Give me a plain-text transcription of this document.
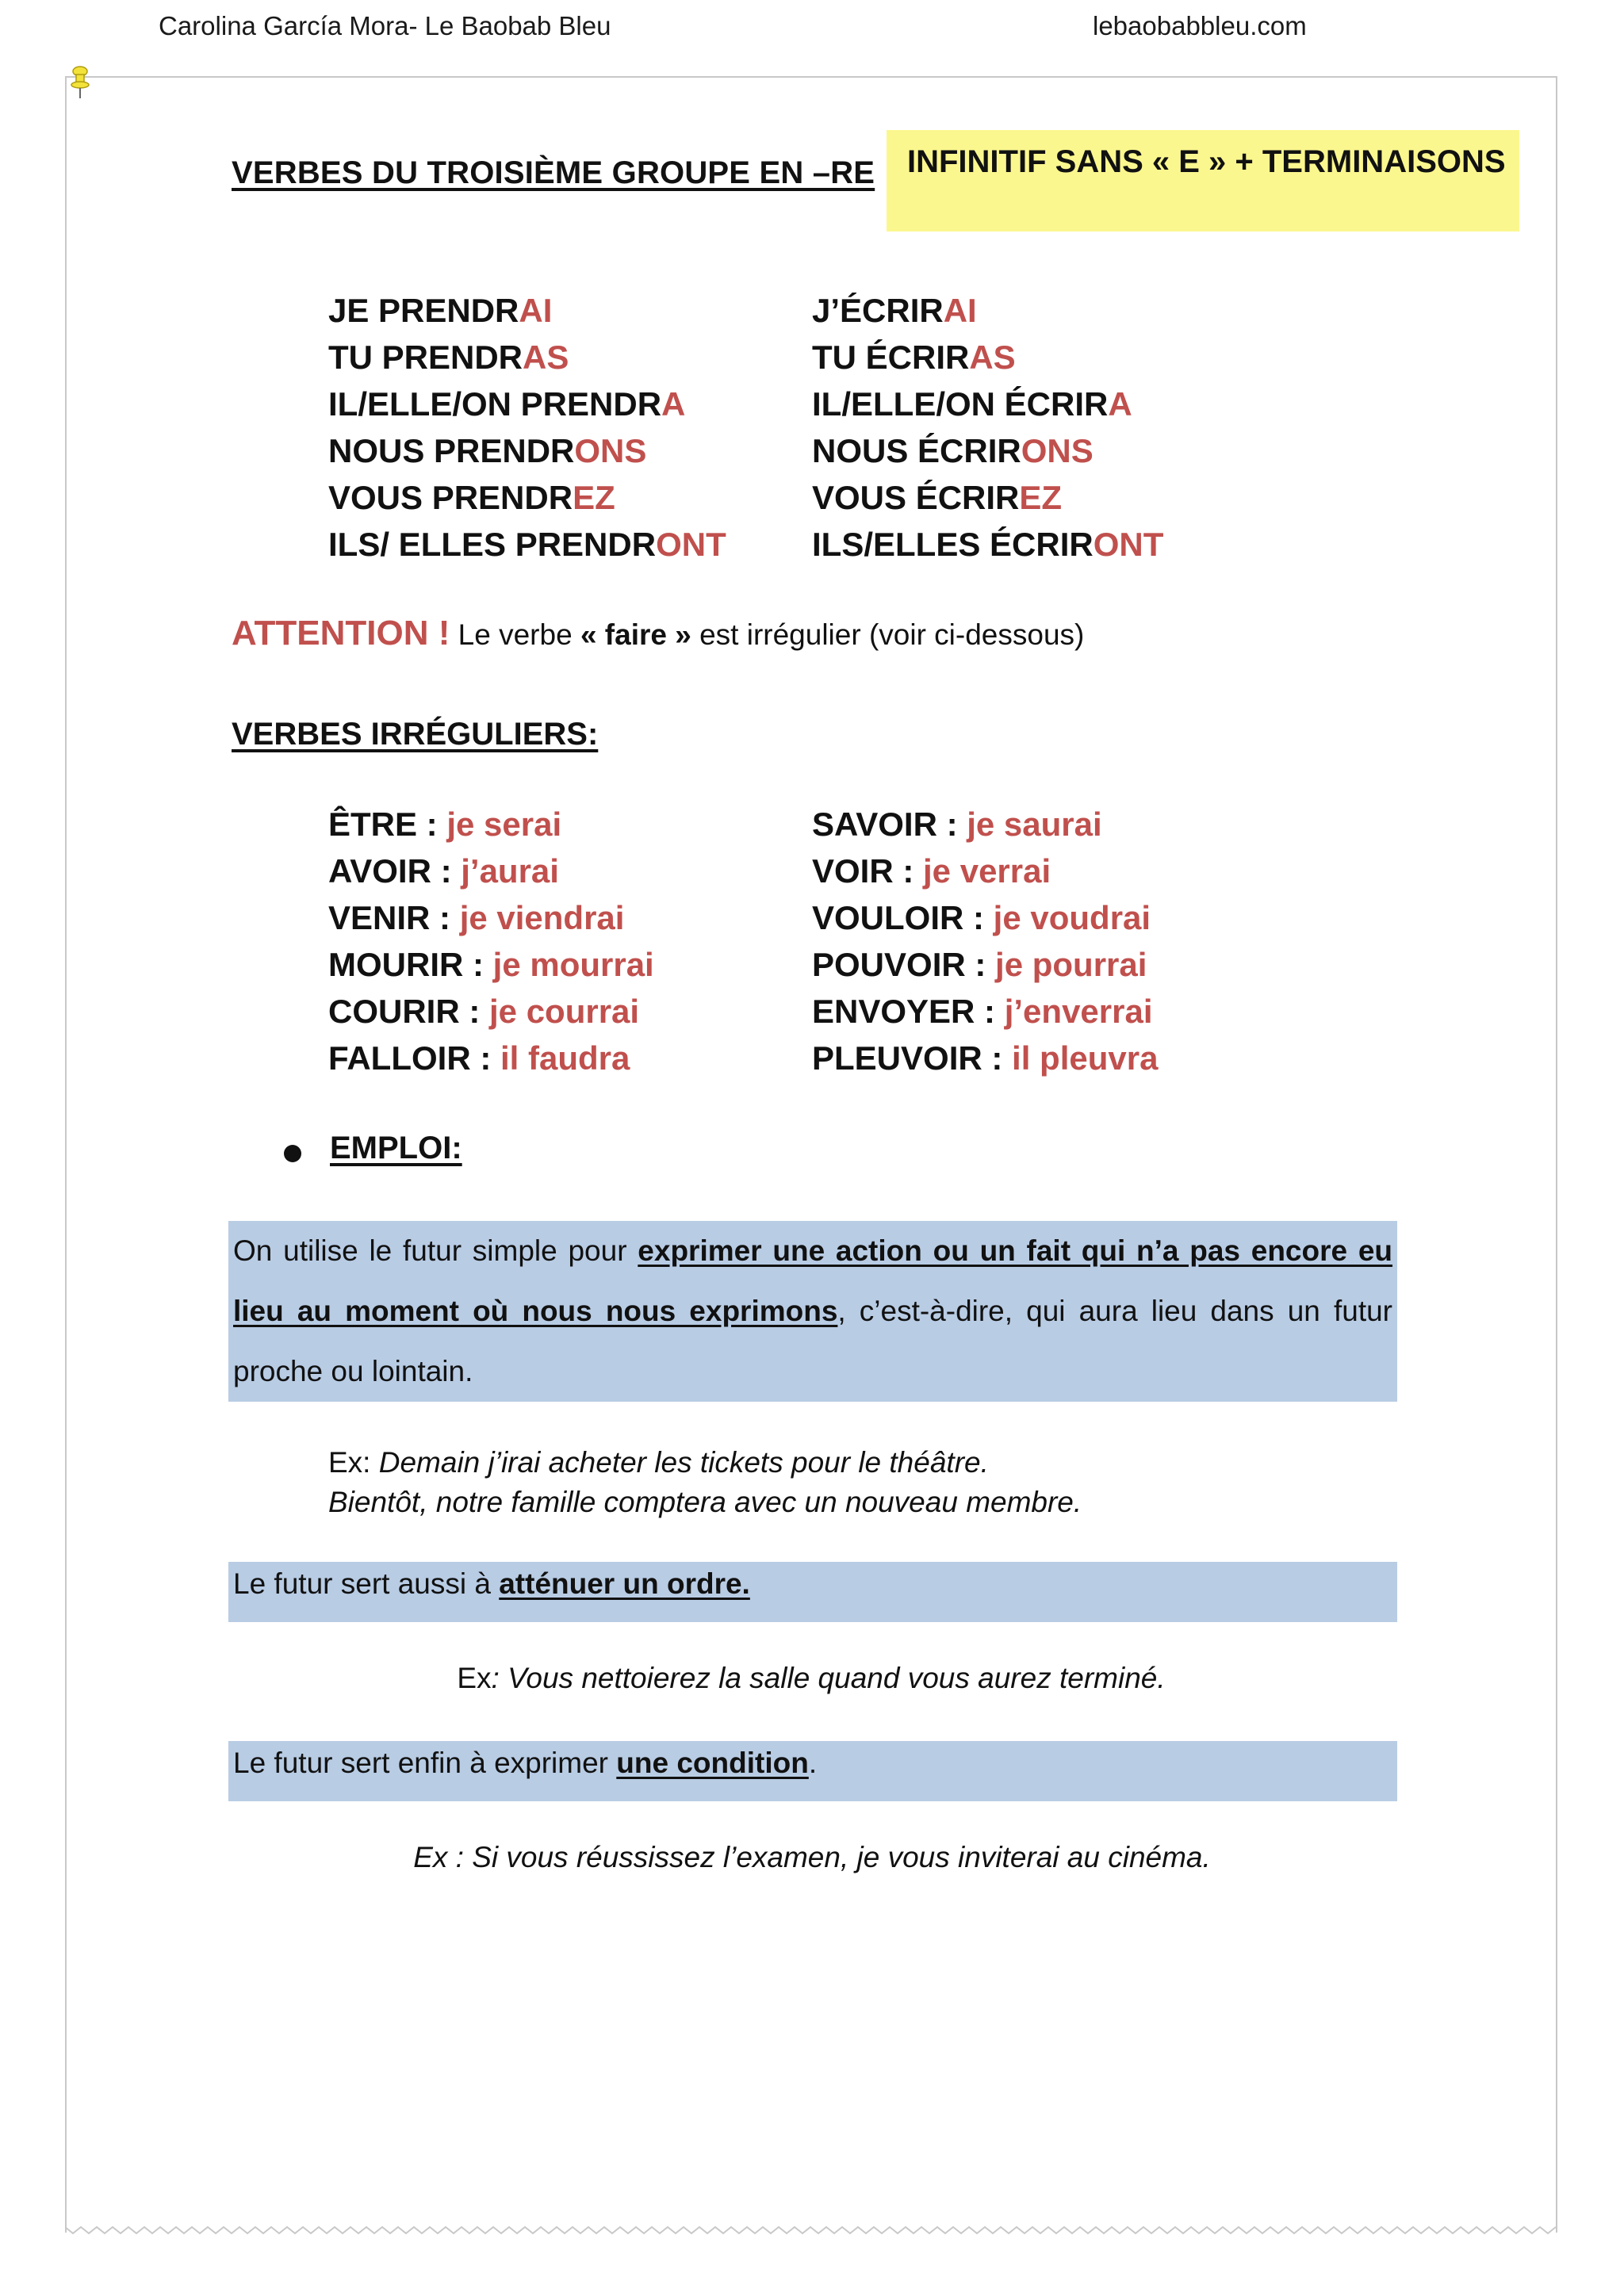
Carolina García Mora- Le Baobab Bleu	lebaobabbleu.com
VERBES DU TROISIÈME GROUPE EN –RE INFINITIF SANS « E » + TERMINAISONS
JE PRENDRAI
TU PRENDRAS
IL/ELLE/ON PRENDRA
NOUS PRENDRONS
VOUS PRENDREZ
ILS/ ELLES PRENDRONT
J’ÉCRIRAI
TU ÉCRIRAS
IL/ELLE/ON ÉCRIRA
NOUS ÉCRIRONS
VOUS ÉCRIREZ
ILS/ELLES ÉCRIRONT
ATTENTION ! Le verbe « faire » est irrégulier (voir ci-dessous)
VERBES IRRÉGULIERS:
ÊTRE : je serai
AVOIR : j’aurai
VENIR : je viendrai
MOURIR : je mourrai
COURIR : je courrai
FALLOIR : il faudra
SAVOIR : je saurai
VOIR : je verrai
VOULOIR : je voudrai
POUVOIR : je pourrai
ENVOYER : j’enverrai
PLEUVOIR : il pleuvra
EMPLOI:

On utilise le futur simple pour exprimer une action ou un fait qui n’a pas encore eu lieu au moment où nous nous exprimons, c’est-à-dire, qui aura lieu dans un futur proche ou lointain.

Ex: Demain j’irai acheter les tickets pour le théâtre.
Bientôt, notre famille comptera avec un nouveau membre.

Le futur sert aussi à atténuer un ordre.

Ex: Vous nettoierez la salle quand vous aurez terminé.

Le futur sert enfin à exprimer une condition.

Ex : Si vous réussissez l’examen, je vous inviterai au cinéma.
